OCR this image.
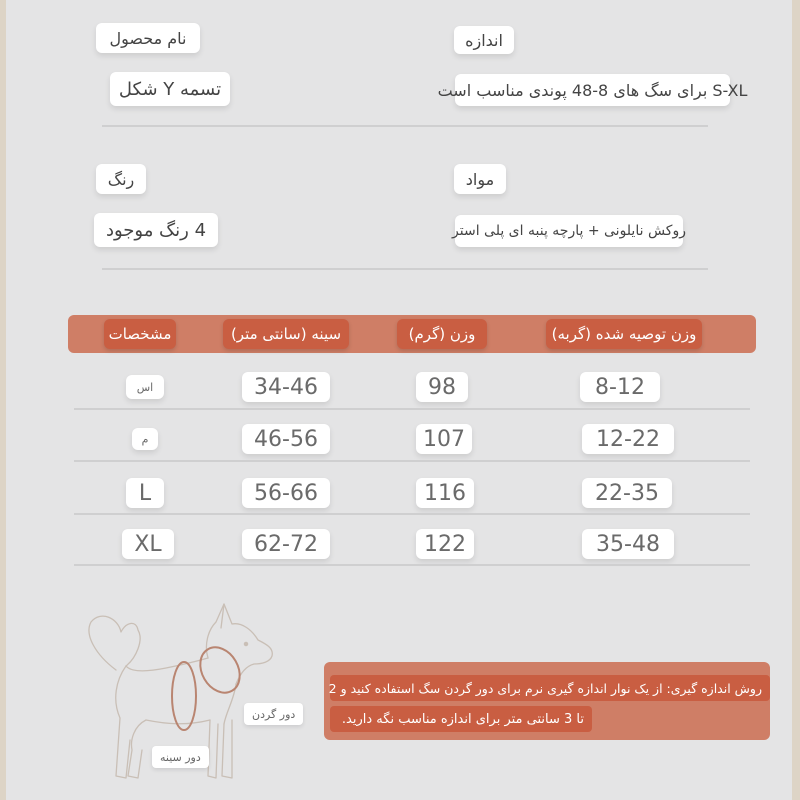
نام محصول
تسمه Y شکل
اندازه
S-XL برای سگ های 8-48 پوندی مناسب است
رنگ
4 رنگ موجود
مواد
روکش نایلونی + پارچه پنبه ای پلی استر
مشخصات	سینه (سانتی متر)	وزن (گرم)	وزن توصیه شده (گربه)
اس	34-46	98	8-12
م	46-56	107	12-22
L	56-66	116	22-35
XL	62-72	122	35-48
دور گردن
دور سینه
روش اندازه گیری: از یک نوار اندازه گیری نرم برای دور گردن سگ استفاده کنید و 2
تا 3 سانتی متر برای اندازه مناسب نگه دارید.
